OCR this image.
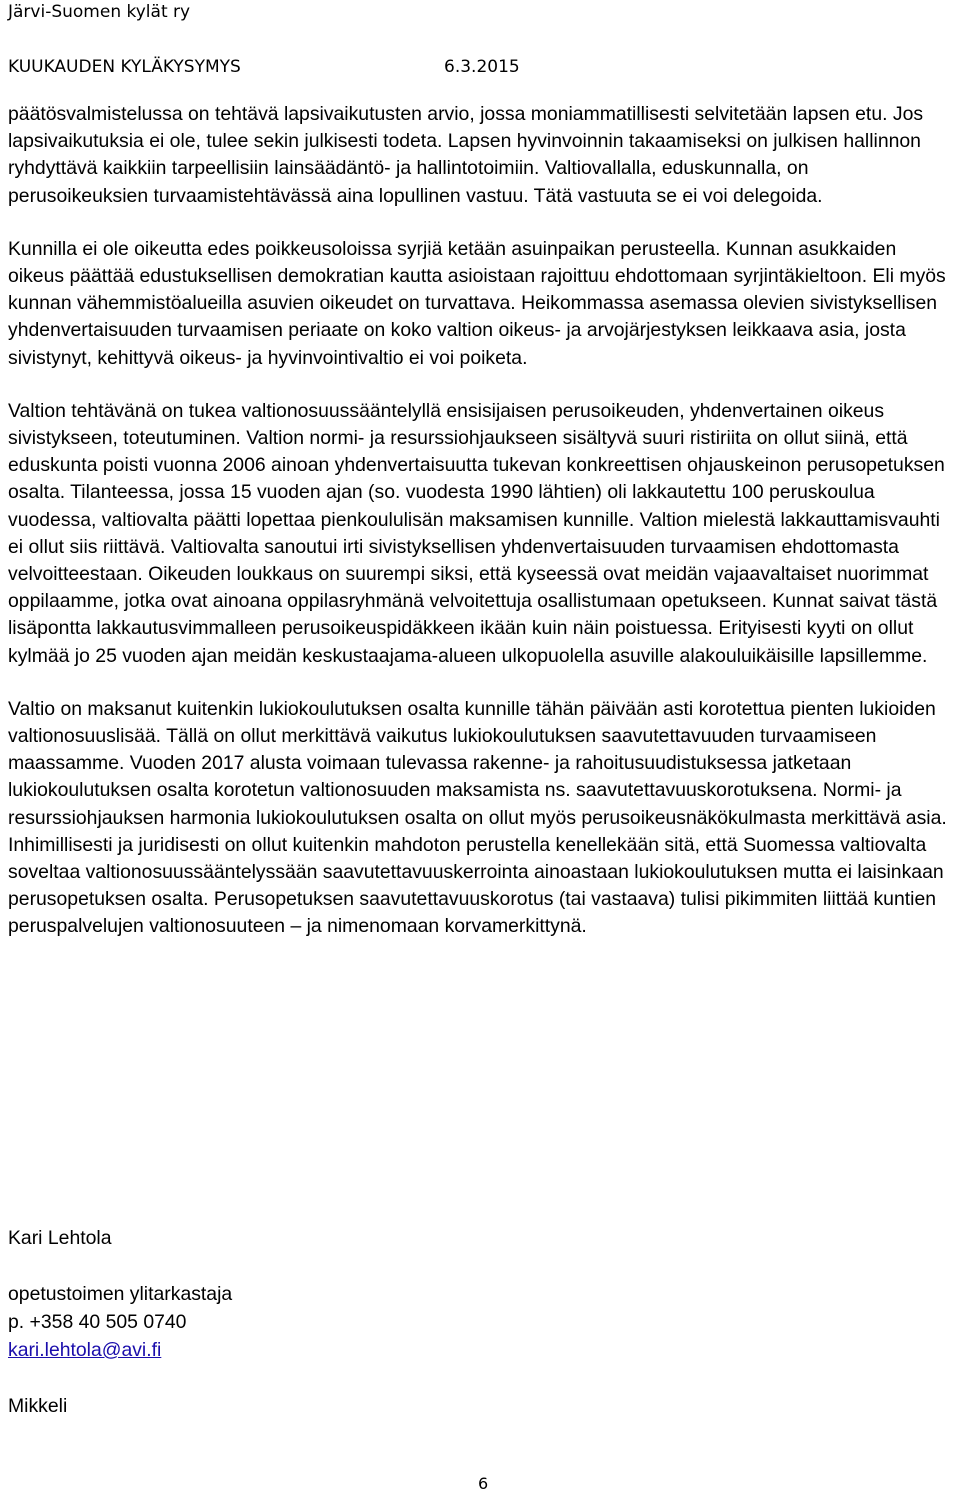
Järvi-Suomen kylät ry
KUUKAUDEN KYLÄKYSYMYS	6.3.2015

päätösvalmistelussa on tehtävä lapsivaikutusten arvio, jossa moniammatillisesti selvitetään lapsen etu. Jos lapsivaikutuksia ei ole, tulee sekin julkisesti todeta. Lapsen hyvinvoinnin takaamiseksi on julkisen hallinnon ryhdyttävä kaikkiin tarpeellisiin lainsäädäntö- ja hallintotoimiin. Valtiovallalla, eduskunnalla, on perusoikeuksien turvaamistehtävässä aina lopullinen vastuu. Tätä vastuuta se ei voi delegoida.

Kunnilla ei ole oikeutta edes poikkeusoloissa syrjiä ketään asuinpaikan perusteella. Kunnan asukkaiden oikeus päättää edustuksellisen demokratian kautta asioistaan rajoittuu ehdottomaan syrjintäkieltoon. Eli myös kunnan vähemmistöalueilla asuvien oikeudet on turvattava. Heikommassa asemassa olevien sivistyksellisen yhdenvertaisuuden turvaamisen periaate on koko valtion oikeus- ja arvojärjestyksen leikkaava asia, josta sivistynyt, kehittyvä oikeus- ja hyvinvointivaltio ei voi poiketa.

Valtion tehtävänä on tukea valtionosuussääntelyllä ensisijaisen perusoikeuden, yhdenvertainen oikeus sivistykseen, toteutuminen. Valtion normi- ja resurssiohjaukseen sisältyvä suuri ristiriita on ollut siinä, että eduskunta poisti vuonna 2006 ainoan yhdenvertaisuutta tukevan konkreettisen ohjauskeinon perusopetuksen osalta. Tilanteessa, jossa 15 vuoden ajan (so. vuodesta 1990 lähtien) oli lakkautettu 100 peruskoulua vuodessa, valtiovalta päätti lopettaa pienkoululisän maksamisen kunnille. Valtion mielestä lakkauttamisvauhti ei ollut siis riittävä. Valtiovalta sanoutui irti sivistyksellisen yhdenvertaisuuden turvaamisen ehdottomasta velvoitteestaan. Oikeuden loukkaus on suurempi siksi, että kyseessä ovat meidän vajaavaltaiset nuorimmat oppilaamme, jotka ovat ainoana oppilasryhmänä velvoitettuja osallistumaan opetukseen. Kunnat saivat tästä lisäpontta lakkautusvimmalleen perusoikeuspidäkkeen ikään kuin näin poistuessa. Erityisesti kyyti on ollut kylmää jo 25 vuoden ajan meidän keskustaajama-alueen ulkopuolella asuville alakouluikäisille lapsillemme.

Valtio on maksanut kuitenkin lukiokoulutuksen osalta kunnille tähän päivään asti korotettua pienten lukioiden valtionosuuslisää. Tällä on ollut merkittävä vaikutus lukiokoulutuksen saavutettavuuden turvaamiseen maassamme. Vuoden 2017 alusta voimaan tulevassa rakenne- ja rahoitusuudistuksessa jatketaan lukiokoulutuksen osalta korotetun valtionosuuden maksamista ns. saavutettavuuskorotuksena. Normi- ja resurssiohjauksen harmonia lukiokoulutuksen osalta on ollut myös perusoikeusnäkökulmasta merkittävä asia. Inhimillisesti ja juridisesti on ollut kuitenkin mahdoton perustella kenellekään sitä, että Suomessa valtiovalta soveltaa valtionosuussääntelyssään saavutettavuuskerrointa ainoastaan lukiokoulutuksen mutta ei laisinkaan perusopetuksen osalta. Perusopetuksen saavutettavuuskorotus (tai vastaava) tulisi pikimmiten liittää kuntien peruspalvelujen valtionosuuteen – ja nimenomaan korvamerkittynä.

Kari Lehtola
opetustoimen ylitarkastaja
p. +358 40 505 0740
kari.lehtola@avi.fi
Mikkeli
6
